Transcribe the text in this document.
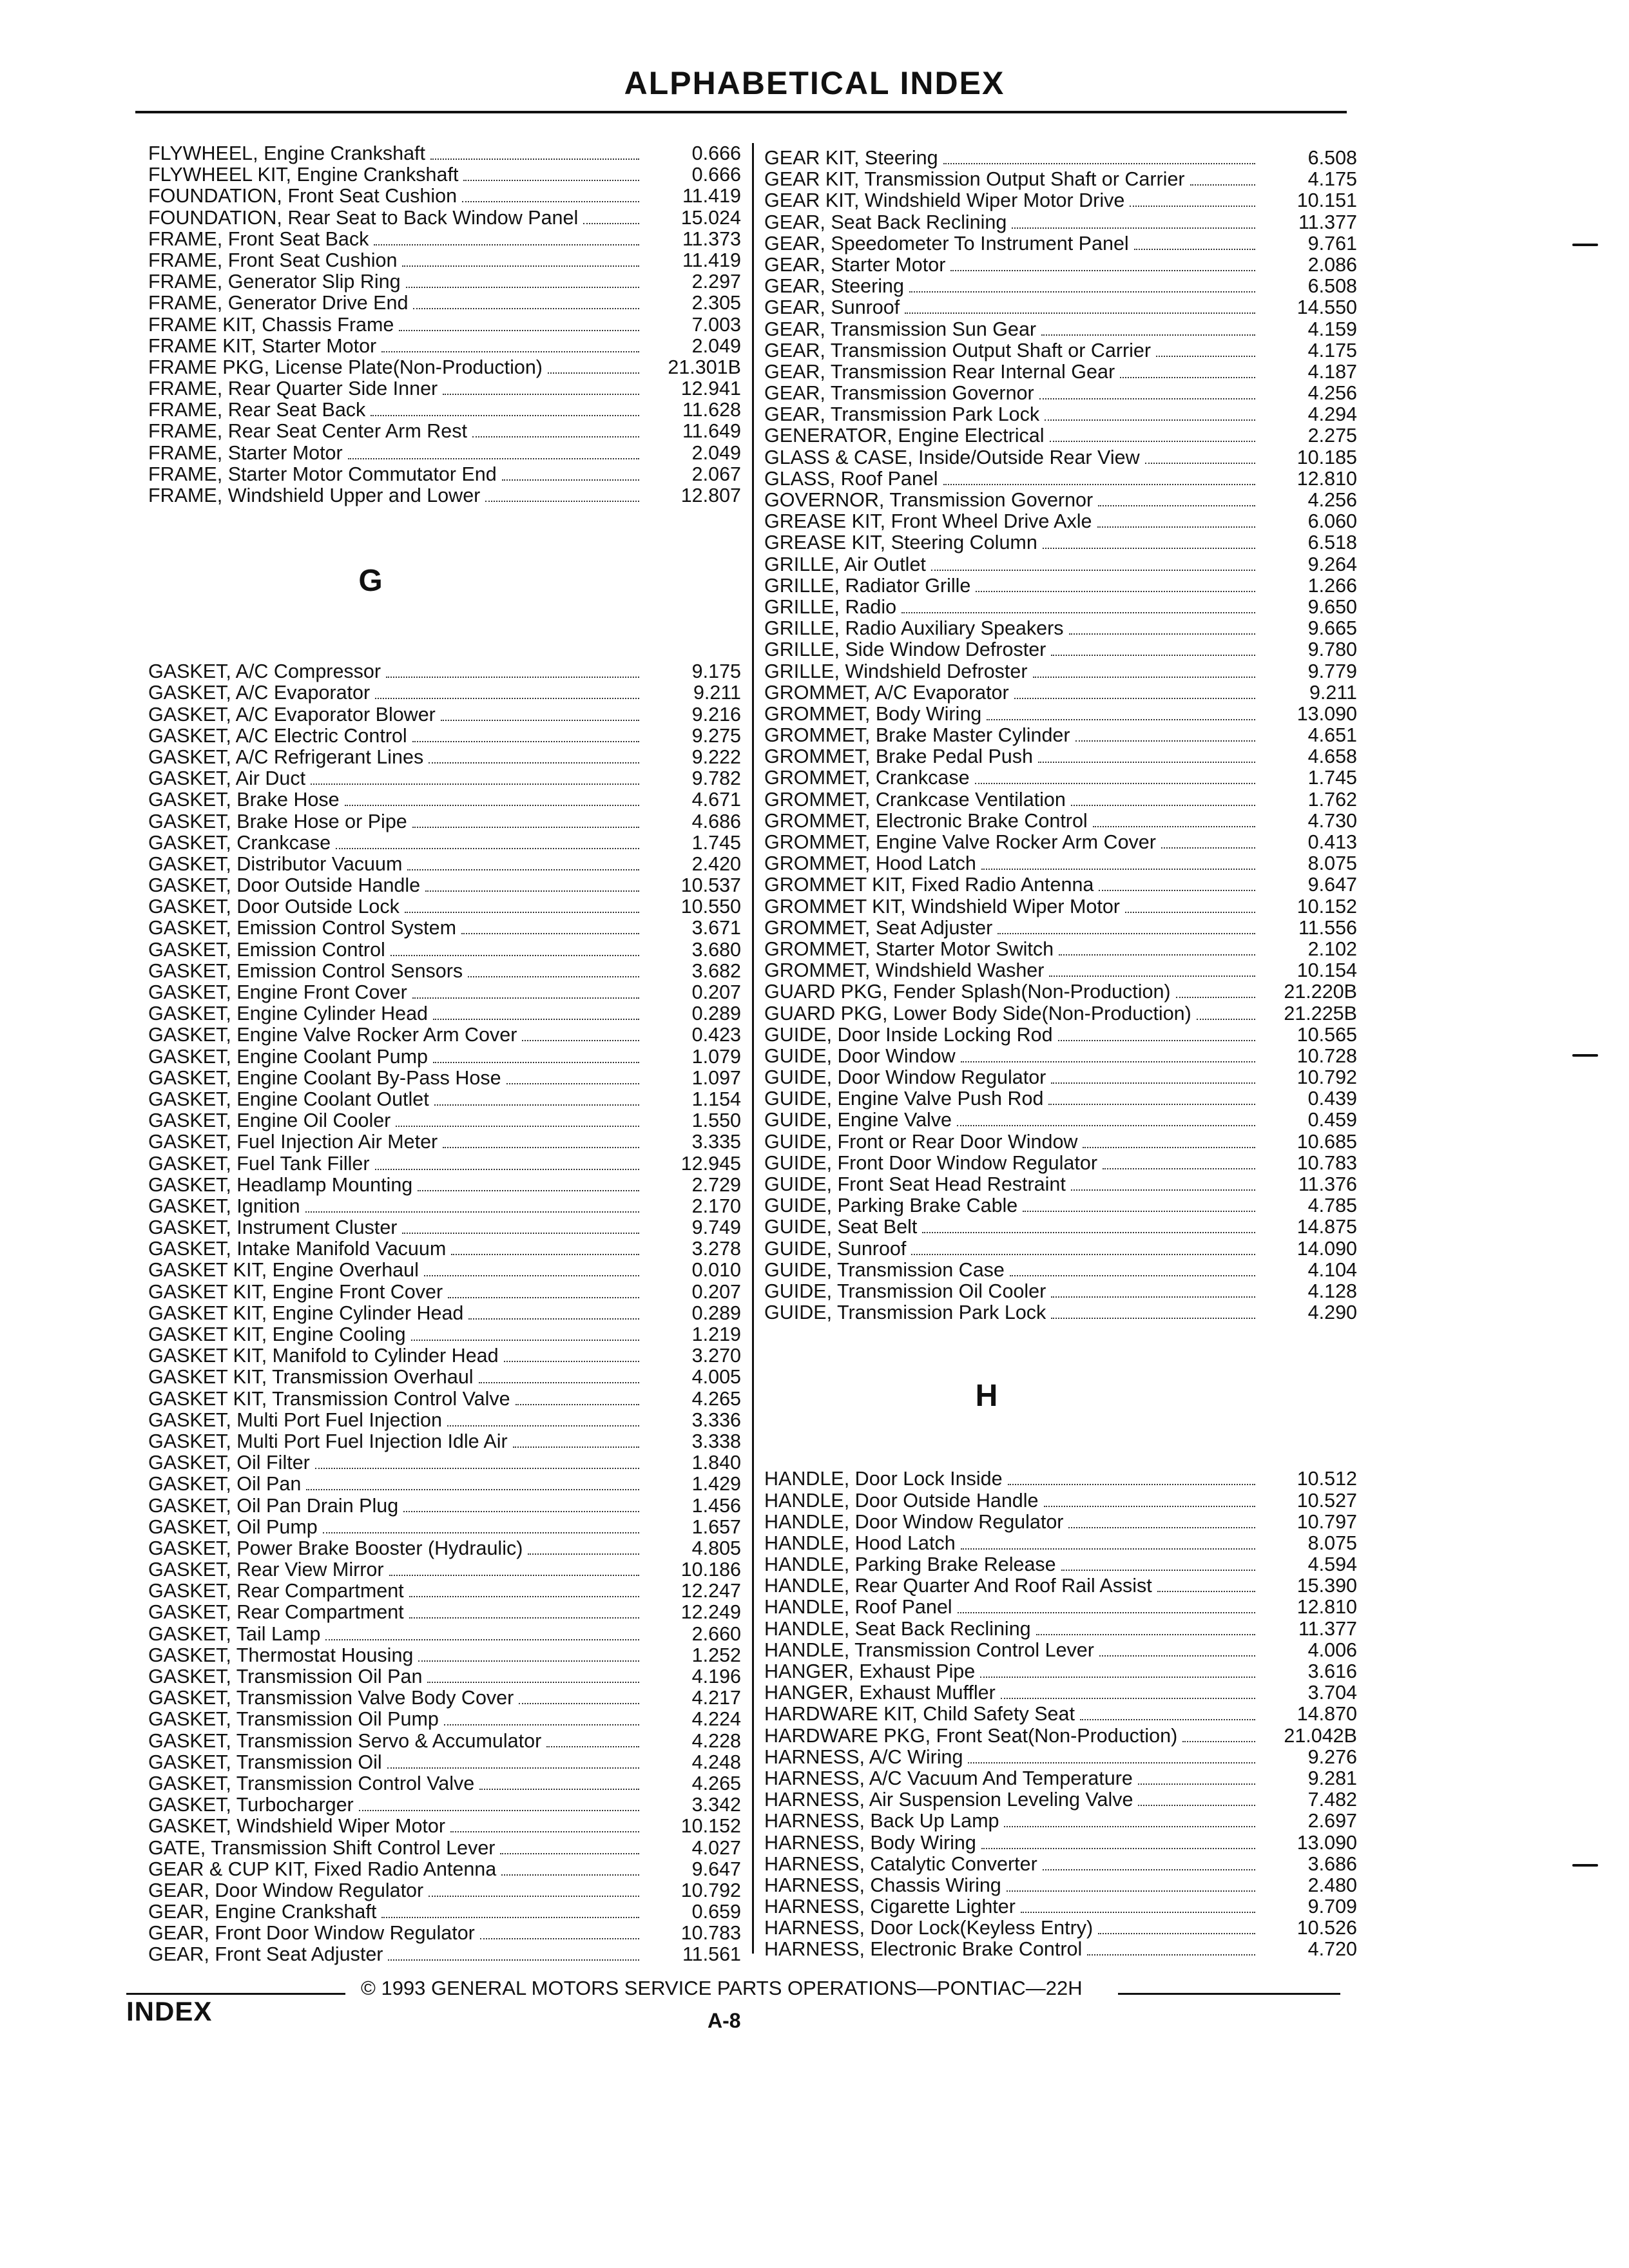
ALPHABETICAL INDEX
FLYWHEEL, Engine Crankshaft	0.666
FLYWHEEL KIT, Engine Crankshaft	0.666
FOUNDATION, Front Seat Cushion	11.419
FOUNDATION, Rear Seat to Back Window Panel	15.024
FRAME, Front Seat Back	11.373
FRAME, Front Seat Cushion	11.419
FRAME, Generator Slip Ring	2.297
FRAME, Generator Drive End	2.305
FRAME KIT, Chassis Frame	7.003
FRAME KIT, Starter Motor	2.049
FRAME PKG, License Plate(Non-Production)	21.301B
FRAME, Rear Quarter Side Inner	12.941
FRAME, Rear Seat Back	11.628
FRAME, Rear Seat Center Arm Rest	11.649
FRAME, Starter Motor	2.049
FRAME, Starter Motor Commutator End	2.067
FRAME, Windshield Upper and Lower	12.807
G
GASKET, A/C Compressor	9.175
GASKET, A/C Evaporator	9.211
GASKET, A/C Evaporator Blower	9.216
GASKET, A/C Electric Control	9.275
GASKET, A/C Refrigerant Lines	9.222
GASKET, Air Duct	9.782
GASKET, Brake Hose	4.671
GASKET, Brake Hose or Pipe	4.686
GASKET, Crankcase	1.745
GASKET, Distributor Vacuum	2.420
GASKET, Door Outside Handle	10.537
GASKET, Door Outside Lock	10.550
GASKET, Emission Control System	3.671
GASKET, Emission Control	3.680
GASKET, Emission Control Sensors	3.682
GASKET, Engine Front Cover	0.207
GASKET, Engine Cylinder Head	0.289
GASKET, Engine Valve Rocker Arm Cover	0.423
GASKET, Engine Coolant Pump	1.079
GASKET, Engine Coolant By-Pass Hose	1.097
GASKET, Engine Coolant Outlet	1.154
GASKET, Engine Oil Cooler	1.550
GASKET, Fuel Injection Air Meter	3.335
GASKET, Fuel Tank Filler	12.945
GASKET, Headlamp Mounting	2.729
GASKET, Ignition	2.170
GASKET, Instrument Cluster	9.749
GASKET, Intake Manifold Vacuum	3.278
GASKET KIT, Engine Overhaul	0.010
GASKET KIT, Engine Front Cover	0.207
GASKET KIT, Engine Cylinder Head	0.289
GASKET KIT, Engine Cooling	1.219
GASKET KIT, Manifold to Cylinder Head	3.270
GASKET KIT, Transmission Overhaul	4.005
GASKET KIT, Transmission Control Valve	4.265
GASKET, Multi Port Fuel Injection	3.336
GASKET, Multi Port Fuel Injection Idle Air	3.338
GASKET, Oil Filter	1.840
GASKET, Oil Pan	1.429
GASKET, Oil Pan Drain Plug	1.456
GASKET, Oil Pump	1.657
GASKET, Power Brake Booster (Hydraulic)	4.805
GASKET, Rear View Mirror	10.186
GASKET, Rear Compartment	12.247
GASKET, Rear Compartment	12.249
GASKET, Tail Lamp	2.660
GASKET, Thermostat Housing	1.252
GASKET, Transmission Oil Pan	4.196
GASKET, Transmission Valve Body Cover	4.217
GASKET, Transmission Oil Pump	4.224
GASKET, Transmission Servo & Accumulator	4.228
GASKET, Transmission Oil	4.248
GASKET, Transmission Control Valve	4.265
GASKET, Turbocharger	3.342
GASKET, Windshield Wiper Motor	10.152
GATE, Transmission Shift Control Lever	4.027
GEAR & CUP KIT, Fixed Radio Antenna	9.647
GEAR, Door Window Regulator	10.792
GEAR, Engine Crankshaft	0.659
GEAR, Front Door Window Regulator	10.783
GEAR, Front Seat Adjuster	11.561
GEAR KIT, Steering	6.508
GEAR KIT, Transmission Output Shaft or Carrier	4.175
GEAR KIT, Windshield Wiper Motor Drive	10.151
GEAR, Seat Back Reclining	11.377
GEAR, Speedometer To Instrument Panel	9.761
GEAR, Starter Motor	2.086
GEAR, Steering	6.508
GEAR, Sunroof	14.550
GEAR, Transmission Sun Gear	4.159
GEAR, Transmission Output Shaft or Carrier	4.175
GEAR, Transmission Rear Internal Gear	4.187
GEAR, Transmission Governor	4.256
GEAR, Transmission Park Lock	4.294
GENERATOR, Engine Electrical	2.275
GLASS & CASE, Inside/Outside Rear View	10.185
GLASS, Roof Panel	12.810
GOVERNOR, Transmission Governor	4.256
GREASE KIT, Front Wheel Drive Axle	6.060
GREASE KIT, Steering Column	6.518
GRILLE, Air Outlet	9.264
GRILLE, Radiator Grille	1.266
GRILLE, Radio	9.650
GRILLE, Radio Auxiliary Speakers	9.665
GRILLE, Side Window Defroster	9.780
GRILLE, Windshield Defroster	9.779
GROMMET, A/C Evaporator	9.211
GROMMET, Body Wiring	13.090
GROMMET, Brake Master Cylinder	4.651
GROMMET, Brake Pedal Push	4.658
GROMMET, Crankcase	1.745
GROMMET, Crankcase Ventilation	1.762
GROMMET, Electronic Brake Control	4.730
GROMMET, Engine Valve Rocker Arm Cover	0.413
GROMMET, Hood Latch	8.075
GROMMET KIT, Fixed Radio Antenna	9.647
GROMMET KIT, Windshield Wiper Motor	10.152
GROMMET, Seat Adjuster	11.556
GROMMET, Starter Motor Switch	2.102
GROMMET, Windshield Washer	10.154
GUARD PKG, Fender Splash(Non-Production)	21.220B
GUARD PKG, Lower Body Side(Non-Production)	21.225B
GUIDE, Door Inside Locking Rod	10.565
GUIDE, Door Window	10.728
GUIDE, Door Window Regulator	10.792
GUIDE, Engine Valve Push Rod	0.439
GUIDE, Engine Valve	0.459
GUIDE, Front or Rear Door Window	10.685
GUIDE, Front Door Window Regulator	10.783
GUIDE, Front Seat Head Restraint	11.376
GUIDE, Parking Brake Cable	4.785
GUIDE, Seat Belt	14.875
GUIDE, Sunroof	14.090
GUIDE, Transmission Case	4.104
GUIDE, Transmission Oil Cooler	4.128
GUIDE, Transmission Park Lock	4.290
H
HANDLE, Door Lock Inside	10.512
HANDLE, Door Outside Handle	10.527
HANDLE, Door Window Regulator	10.797
HANDLE, Hood Latch	8.075
HANDLE, Parking Brake Release	4.594
HANDLE, Rear Quarter And Roof Rail Assist	15.390
HANDLE, Roof Panel	12.810
HANDLE, Seat Back Reclining	11.377
HANDLE, Transmission Control Lever	4.006
HANGER, Exhaust Pipe	3.616
HANGER, Exhaust Muffler	3.704
HARDWARE KIT, Child Safety Seat	14.870
HARDWARE PKG, Front Seat(Non-Production)	21.042B
HARNESS, A/C Wiring	9.276
HARNESS, A/C Vacuum And Temperature	9.281
HARNESS, Air Suspension Leveling Valve	7.482
HARNESS, Back Up Lamp	2.697
HARNESS, Body Wiring	13.090
HARNESS, Catalytic Converter	3.686
HARNESS, Chassis Wiring	2.480
HARNESS, Cigarette Lighter	9.709
HARNESS, Door Lock(Keyless Entry)	10.526
HARNESS, Electronic Brake Control	4.720
© 1993 GENERAL MOTORS SERVICE PARTS OPERATIONS—PONTIAC—22H
INDEX	A-8
